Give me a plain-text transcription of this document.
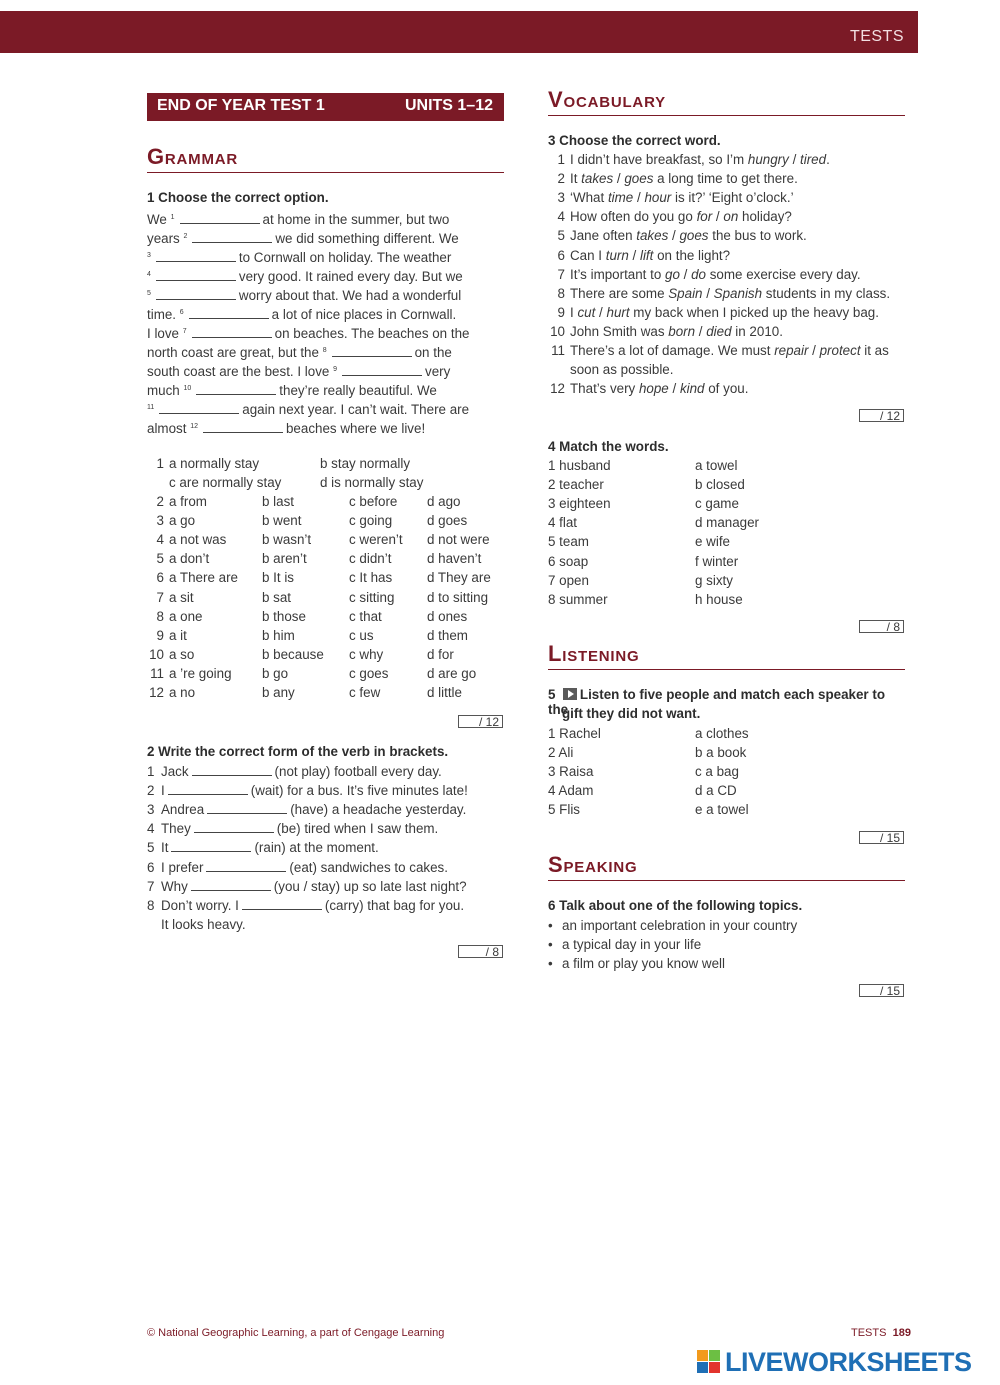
TESTS
END OF YEAR TEST 1	UNITS 1–12
Grammar
1 Choose the correct option.
We $^1$	at home in the summer, but two
years $^2$	we did something different. We
$^3$	to Cornwall on holiday. The weather
$^4$	very good. It rained every day. But we
$^5$	worry about that. We had a wonderful
time. $^6$	a lot of nice places in Cornwall.
I love $^7$	on beaches. The beaches on the
north coast are great, but the $^8$	on the
south coast are the best. I love $^9$	very
much $^{10}$	they’re really beautiful. We
$^{11}$	again next year. I can’t wait. There are
almost $^{12}$	beaches where we live!
1 a normally stay	b stay normally
c are normally stay	d is normally stay
2 a from	b last	c before d ago
3 a go	b went	c going	d goes
4 a not was	b wasn’t	c weren’t d not were
5 a don’t	b aren’t	c didn’t	d haven’t
6 a There are b It is	c It has	d They are
7 a sit	b sat	c sitting d to sitting
8 a one	b those	c that	d ones
9 a it	b him	c us	d them
10 a so	b because c why	d for
11 a ’re going b go	c goes	d are go
12 a no	b any	c few	d little
/ 12
2 Write the correct form of the verb in brackets.
1 Jack	(not play) football every day.
2 I	(wait) for a bus. It’s five minutes late!
3 Andrea	(have) a headache yesterday.
4 They	(be) tired when I saw them.
5 It	(rain) at the moment.
6 I prefer	(eat) sandwiches to cakes.
7 Why	(you / stay) up so late last night?
8 Don’t worry. I	(carry) that bag for you.
It looks heavy.
/ 8
Vocabulary
3 Choose the correct word.
1 I didn’t have breakfast, so I’m hungry / tired.
2 It takes / goes a long time to get there.
3 ‘What time / hour is it?’ ‘Eight o’clock.’
4 How often do you go for / on holiday?
5 Jane often takes / goes the bus to work.
6 Can I turn / lift on the light?
7 It’s important to go / do some exercise every day.
8 There are some Spain / Spanish students in my class.
9 I cut / hurt my back when I picked up the heavy bag.
10 John Smith was born / died in 2010.
11 There’s a lot of damage. We must repair / protect it as
12 That’s very hope / kind of you.
soon as possible.
/ 12
4 Match the words.
1 husband	a towel
2 teacher	b closed
3 eighteen	c game
4 flat	d manager
5 team	e wife
6 soap	f winter
7 open	g sixty
8 summer	h house
/ 8
Listening
5 Listen to five people and match each speaker to the
gift they did not want.
1 Rachel	a clothes
2 Ali	b a book
3 Raisa	c a bag
4 Adam	d a CD
5 Flis	e a towel
/ 15
Speaking
6 Talk about one of the following topics.
• an important celebration in your country
• a typical day in your life
• a film or play you know well
/ 15
© National Geographic Learning, a part of Cengage Learning	TESTS 189
LIVEWORKSHEETS
